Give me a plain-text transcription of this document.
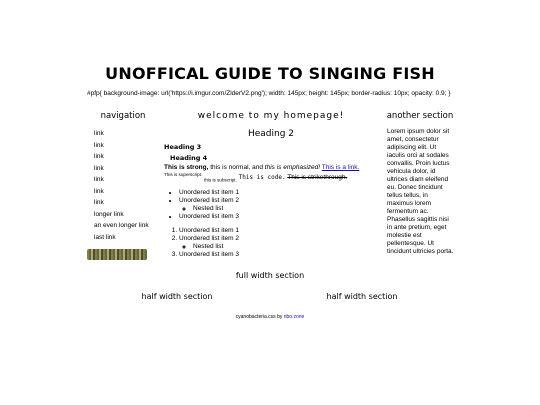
UNOFFICAL GUIDE TO SINGING FISH
#pfp{ background-image: url('https://i.imgur.com/ZlderV2.png'); width: 145px; height: 145px; border-radius: 10px; opacity: 0.9; }
navigation
link
link
link
link
link
link
link
longer link
an even longer link
last link
welcome to my homepage!
Heading 2
Heading 3
Heading 4

This is strong, this is normal, and this is emphasized! This is a link.
$^{This is superscript.}$ $_{this is subscript.}$ This is code. This is strikethrough.

• Unordered list item 1
• Unordered list item 2
◦ Nested list
• Unordered list item 3
1. Unordered list item 1
2. Unordered list item 2
◦ Nested list
3. Unordered list item 3
another section

Lorem ipsum dolor sit amet, consectetur adipiscing elit. Ut iaculis orci at sodales convallis. Proin luctus vehicula dolor, id ultrices diam eleifend eu. Donec tincidunt tellus tellus, in maximus lorem fermentum ac. Phasellus sagittis nisi in ante pretium, eget molestie est pellentesque. Ut tincidunt ultricies porta.

full width section
half width section	half width section
cyanobacteria.css by ribo.zone
